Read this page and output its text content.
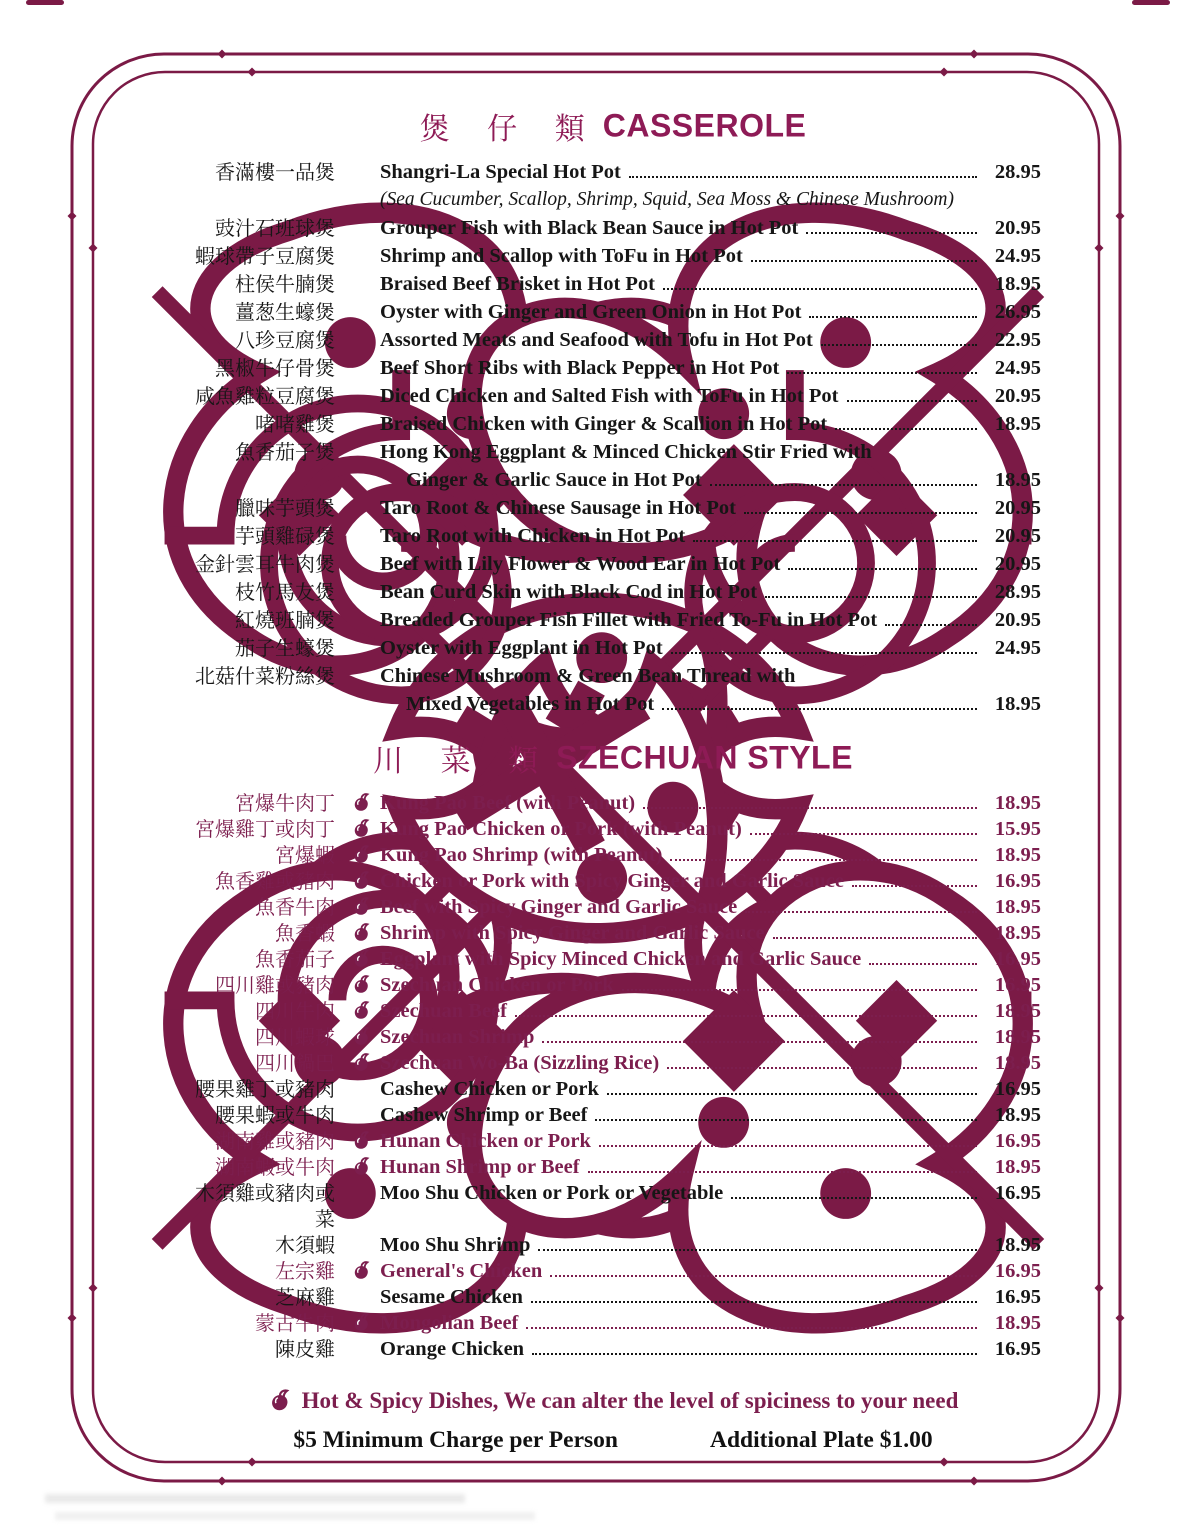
煲 仔 類 CASSEROLE
香滿樓一品煲 Shangri-La Special Hot Pot	28.95
(Sea Cucumber, Scallop, Shrimp, Squid, Sea Moss & Chinese Mushroom)
豉汁石班球煲 Grouper Fish with Black Bean Sauce in Hot Pot	20.95
蝦球帶子豆腐煲 Shrimp and Scallop with ToFu in Hot Pot	24.95
柱侯牛腩煲 Braised Beef Brisket in Hot Pot	18.95
薑葱生蠔煲 Oyster with Ginger and Green Onion in Hot Pot	26.95
八珍豆腐煲 Assorted Meats and Seafood with Tofu in Hot Pot	22.95
黑椒牛仔骨煲 Beef Short Ribs with Black Pepper in Hot Pot	24.95
咸魚雞粒豆腐煲 Diced Chicken and Salted Fish with ToFu in Hot Pot	20.95
啫啫雞煲 Braised Chicken with Ginger & Scallion in Hot Pot	18.95
魚香茄子煲 Hong Kong Eggplant & Minced Chicken Stir Fried with
Ginger & Garlic Sauce in Hot Pot	18.95
臘味芋頭煲 Taro Root & Chinese Sausage in Hot Pot	20.95
芋頭雞碌煲 Taro Root with Chicken in Hot Pot	20.95
金針雲耳牛肉煲 Beef with Lily Flower & Wood Ear in Hot Pot	20.95
枝竹馬友煲 Bean Curd Skin with Black Cod in Hot Pot	28.95
紅燒班腩煲 Breaded Grouper Fish Fillet with Fried To-Fu in Hot Pot	20.95
茄子生蠔煲 Oyster with Eggplant in Hot Pot	24.95
北菇什菜粉絲煲 Chinese Mushroom & Green Bean Thread with
Mixed Vegetables in Hot Pot	18.95
川 菜 類 SZECHUAN STYLE
宮爆牛肉丁 Kung Pao Beef (with Peanut)	18.95
宮爆雞丁或肉丁 Kung Pao Chicken or Pork (with Peanut)	15.95
宮爆蝦 Kung Pao Shrimp (with Peanut)	18.95
魚香雞或豬肉 Chicken or Pork with Spicy Ginger and Garlic Sauce	16.95
魚香牛肉 Beef with Spicy Ginger and Garlic Sauce	18.95
魚香蝦 Shrimp with Spicy Ginger and Garlic Sauce	18.95
魚香茄子 Eggplant with Spicy Minced Chicken and Garlic Sauce	16.95
四川雞或豬肉 Szechuan Chicken or Pork	16.95
四川牛肉 Szechuan Beef	18.95
四川蝦球 Szechuan Shrimp	18.95
四川鍋巴 Szechuan Wo-Ba (Sizzling Rice)	18.95
腰果雞丁或豬肉 Cashew Chicken or Pork	16.95
腰果蝦或牛肉 Cashew Shrimp or Beef	18.95
湖南雞或豬肉 Hunan Chicken or Pork	16.95
湖南蝦或牛肉 Hunan Shrimp or Beef	18.95
木須雞或豬肉或菜
Moo Shu Chicken or Pork or Vegetable	16.95
木須蝦 Moo Shu Shrimp	18.95
左宗雞 General's Chicken	16.95
芝麻雞 Sesame Chicken	16.95
蒙古牛肉 Mongolian Beef	18.95
陳皮雞 Orange Chicken	16.95
Hot & Spicy Dishes, We can alter the level of spiciness to your need
$5 Minimum Charge per Person	Additional Plate $1.00
